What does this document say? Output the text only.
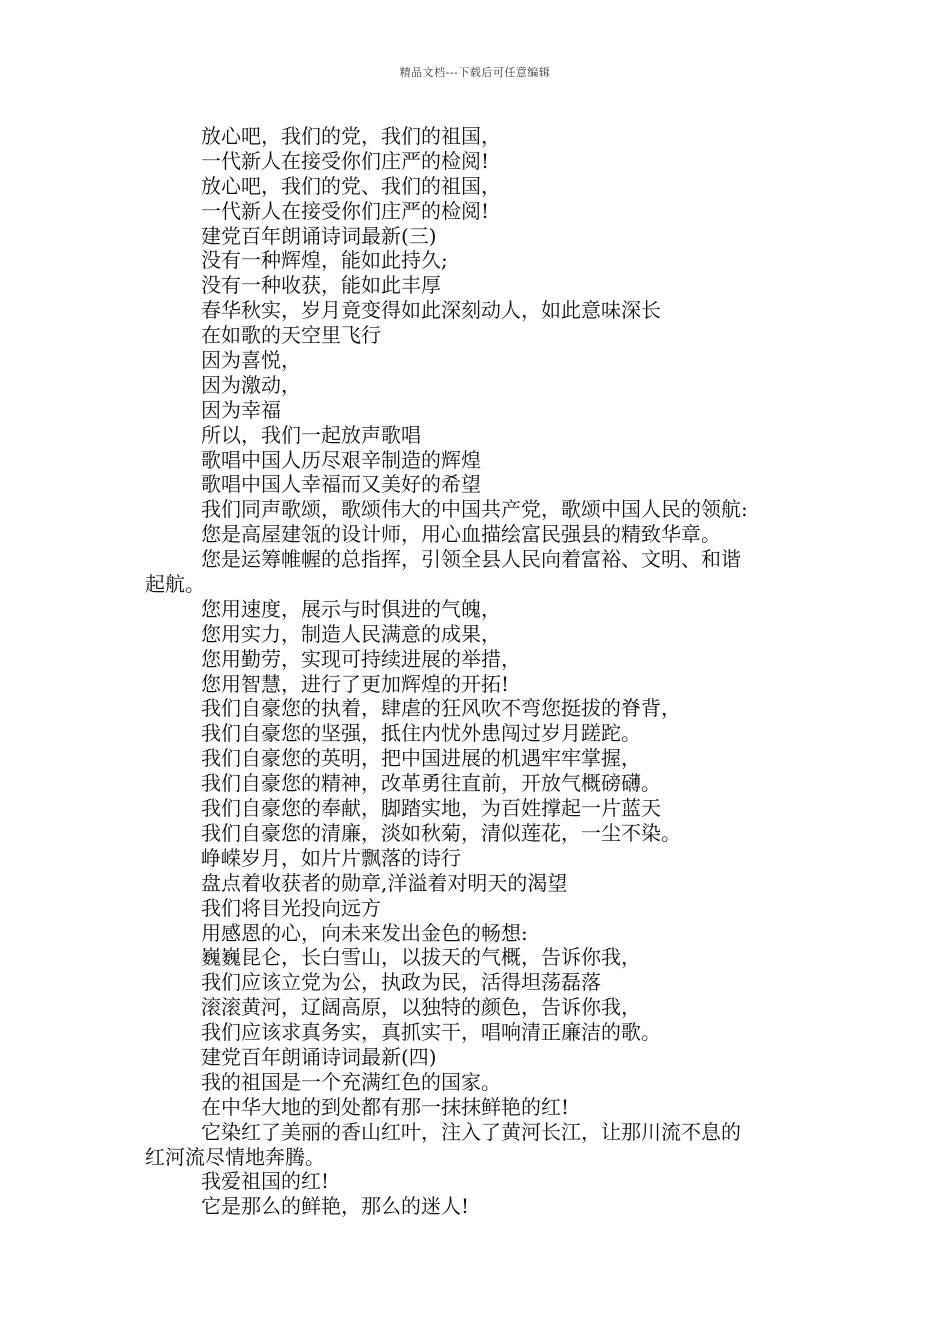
精品文档---下载后可任意编辑
放心吧，我们的党，我们的祖国，
一代新人在接受你们庄严的检阅!
放心吧，我们的党、我们的祖国，
一代新人在接受你们庄严的检阅!
建党百年朗诵诗词最新(三)
没有一种辉煌，能如此持久;
没有一种收获，能如此丰厚
春华秋实，岁月竟变得如此深刻动人，如此意味深长
在如歌的天空里飞行
因为喜悦，
因为激动，
因为幸福
所以，我们一起放声歌唱
歌唱中国人历尽艰辛制造的辉煌
歌唱中国人幸福而又美好的希望
我们同声歌颂，歌颂伟大的中国共产党，歌颂中国人民的领航:
您是高屋建瓴的设计师，用心血描绘富民强县的精致华章。
您是运筹帷幄的总指挥，引领全县人民向着富裕、文明、和谐
起航。
您用速度，展示与时俱进的气魄，
您用实力，制造人民满意的成果，
您用勤劳，实现可持续进展的举措，
您用智慧，进行了更加辉煌的开拓!
我们自豪您的执着，肆虐的狂风吹不弯您挺拔的脊背，
我们自豪您的坚强，抵住内忧外患闯过岁月蹉跎。
我们自豪您的英明，把中国进展的机遇牢牢掌握，
我们自豪您的精神，改革勇往直前，开放气概磅礴。
我们自豪您的奉献，脚踏实地，为百姓撑起一片蓝天
我们自豪您的清廉，淡如秋菊，清似莲花，一尘不染。
峥嵘岁月，如片片飘落的诗行
盘点着收获者的勋章,洋溢着对明天的渴望
我们将目光投向远方
用感恩的心，向未来发出金色的畅想:
巍巍昆仑，长白雪山，以拔天的气概，告诉你我，
我们应该立党为公，执政为民，活得坦荡磊落
滚滚黄河，辽阔高原，以独特的颜色，告诉你我，
我们应该求真务实，真抓实干，唱响清正廉洁的歌。
建党百年朗诵诗词最新(四)
我的祖国是一个充满红色的国家。
在中华大地的到处都有那一抹抹鲜艳的红!
它染红了美丽的香山红叶，注入了黄河长江，让那川流不息的
红河流尽情地奔腾。
我爱祖国的红!
它是那么的鲜艳，那么的迷人!
